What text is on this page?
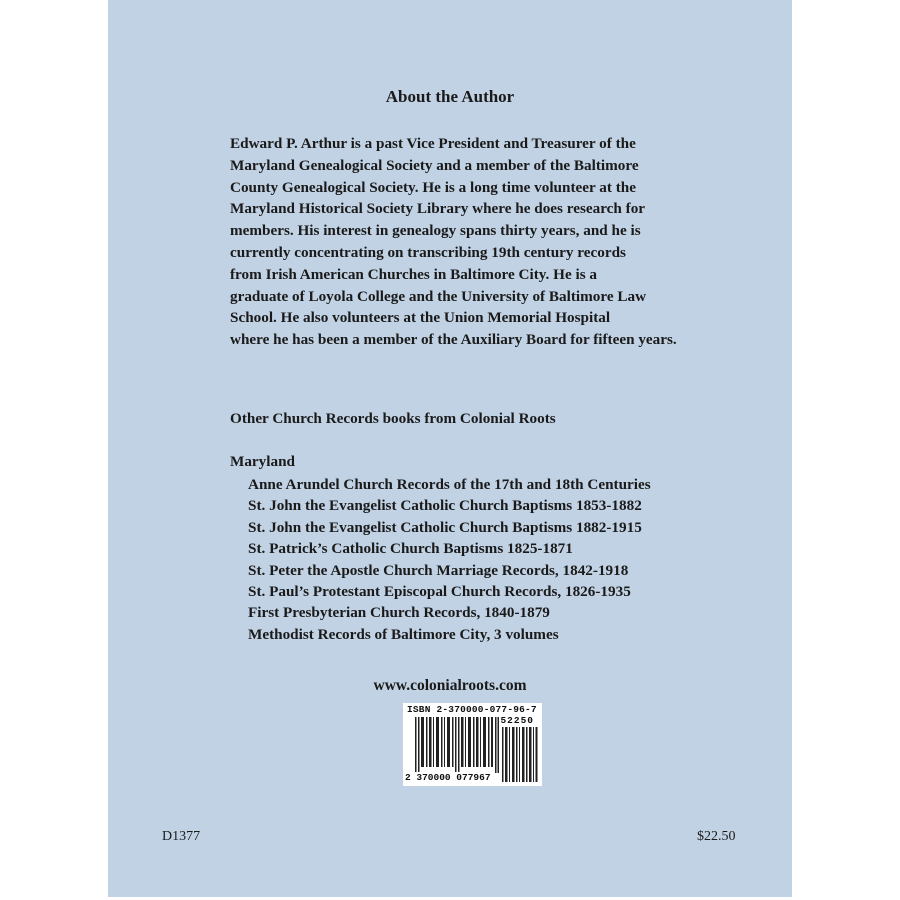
About the Author
Edward P. Arthur is a past Vice President and Treasurer of the
Maryland Genealogical Society and a member of the Baltimore
County Genealogical Society. He is a long time volunteer at the
Maryland Historical Society Library where he does research for
members. His interest in genealogy spans thirty years, and he is
currently concentrating on transcribing 19th century records
from Irish American Churches in Baltimore City. He is a
graduate of Loyola College and the University of Baltimore Law
School. He also volunteers at the Union Memorial Hospital
where he has been a member of the Auxiliary Board for fifteen years.
Other Church Records books from Colonial Roots
Maryland
Anne Arundel Church Records of the 17th and 18th Centuries
St. John the Evangelist Catholic Church Baptisms 1853-1882
St. John the Evangelist Catholic Church Baptisms 1882-1915
St. Patrick’s Catholic Church Baptisms 1825-1871
St. Peter the Apostle Church Marriage Records, 1842-1918
St. Paul’s Protestant Episcopal Church Records, 1826-1935
First Presbyterian Church Records, 1840-1879
Methodist Records of Baltimore City, 3 volumes
www.colonialroots.com
ISBN 2-370000-077-96-7
52250
2 370000 077967
D1377	$22.50
